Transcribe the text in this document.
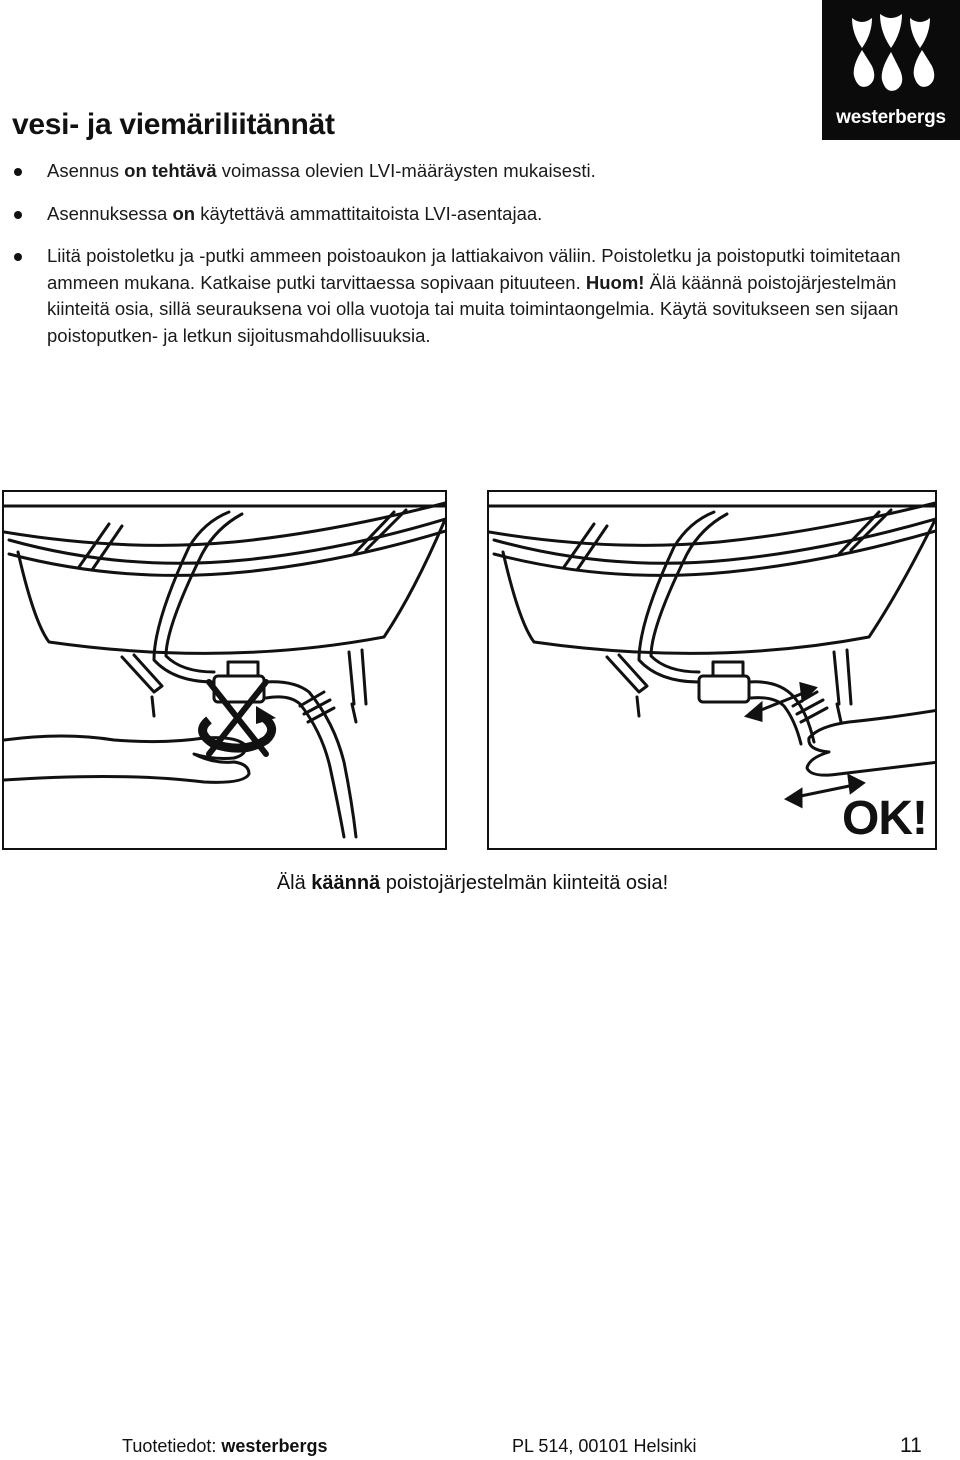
westerbergs
vesi- ja viemäriliitännät
Asennus on tehtävä voimassa olevien LVI-määräysten mukaisesti.
Asennuksessa on käytettävä ammattitaitoista LVI-asentajaa.
Liitä poistoletku ja -putki ammeen poistoaukon ja lattiakaivon väliin. Poistoletku ja poistoputki toimitetaan ammeen mukana. Katkaise putki tarvittaessa sopivaan pituuteen. Huom! Älä käännä poistojärjestelmän kiinteitä osia, sillä seurauksena voi olla vuotoja tai muita toimintaongelmia. Käytä sovitukseen sen sijaan poistoputken- ja letkun sijoitusmahdollisuuksia.
OK!
Älä käännä poistojärjestelmän kiinteitä osia!
Tuotetiedot: westerbergs	PL 514, 00101 Helsinki	11
